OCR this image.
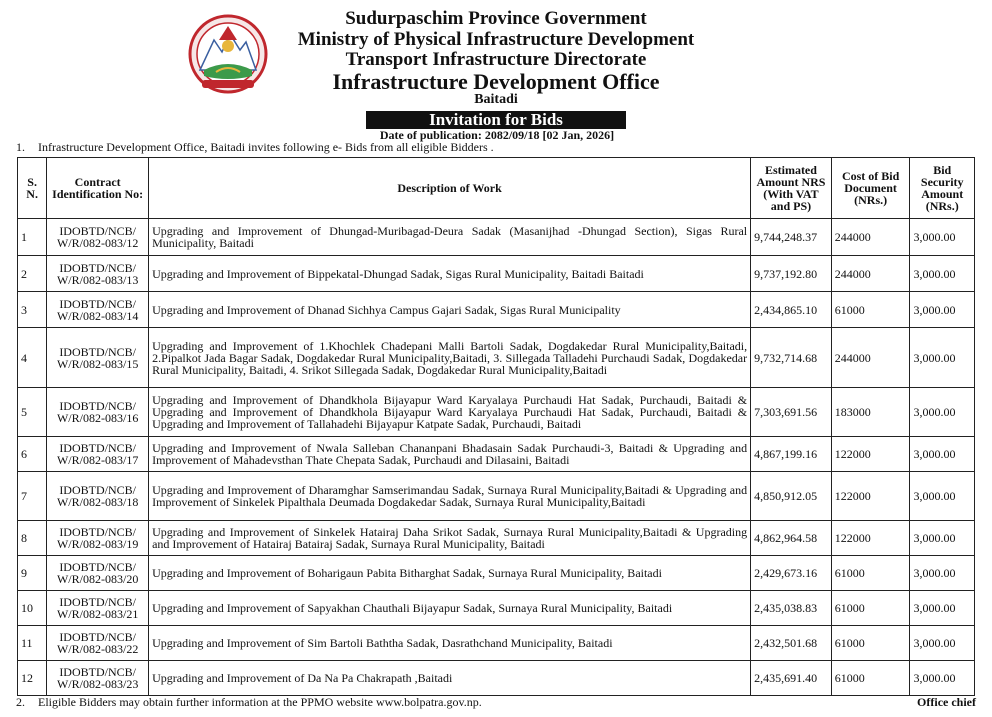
Sudurpaschim Province Government
Ministry of Physical Infrastructure Development
Transport Infrastructure Directorate
Infrastructure Development Office
Baitadi
Invitation for Bids
Date of publication: 2082/09/18 [02 Jan, 2026]
1. Infrastructure Development Office, Baitadi invites following e- Bids from all eligible Bidders .
S. N.	Contract Identification No:	Description of Work	Estimated Amount NRS (With VAT and PS)	Cost of Bid Document (NRs.)	Bid Security Amount (NRs.)
1	IDOBTD/NCB/ W/R/082-083/12	Upgrading and Improvement of Dhungad-Muribagad-Deura Sadak (Masanijhad -Dhungad Section), Sigas Rural Municipality, Baitadi	9,744,248.37	244000	3,000.00
2	IDOBTD/NCB/ W/R/082-083/13	Upgrading and Improvement of Bippekatal-Dhungad Sadak, Sigas Rural Municipality, Baitadi Baitadi	9,737,192.80	244000	3,000.00
3	IDOBTD/NCB/ W/R/082-083/14	Upgrading and Improvement of Dhanad Sichhya Campus Gajari Sadak, Sigas Rural Municipality	2,434,865.10	61000	3,000.00
4	IDOBTD/NCB/ W/R/082-083/15	Upgrading and Improvement of 1.Khochlek Chadepani Malli Bartoli Sadak, Dogdakedar Rural Municipality,Baitadi, 2.Pipalkot Jada Bagar Sadak, Dogdakedar Rural Municipality,Baitadi, 3. Sillegada Talladehi Purchaudi Sadak, Dogdakedar Rural Municipality, Baitadi, 4. Srikot Sillegada Sadak, Dogdakedar Rural Municipality,Baitadi	9,732,714.68	244000	3,000.00
5	IDOBTD/NCB/ W/R/082-083/16	Upgrading and Improvement of Dhandkhola Bijayapur Ward Karyalaya Purchaudi Hat Sadak, Purchaudi, Baitadi & Upgrading and Improvement of Dhandkhola Bijayapur Ward Karyalaya Purchaudi Hat Sadak, Purchaudi, Baitadi & Upgrading and Improvement of Tallahadehi Bijayapur Katpate Sadak, Purchaudi, Baitadi	7,303,691.56	183000	3,000.00
6	IDOBTD/NCB/ W/R/082-083/17	Upgrading and Improvement of Nwala Salleban Chananpani Bhadasain Sadak Purchaudi-3, Baitadi & Upgrading and Improvement of Mahadevsthan Thate Chepata Sadak, Purchaudi and Dilasaini, Baitadi	4,867,199.16	122000	3,000.00
7	IDOBTD/NCB/ W/R/082-083/18	Upgrading and Improvement of Dharamghar Samserimandau Sadak, Surnaya Rural Municipality,Baitadi & Upgrading and Improvement of Sinkelek Pipalthala Deumada Dogdakedar Sadak, Surnaya Rural Municipality,Baitadi	4,850,912.05	122000	3,000.00
8	IDOBTD/NCB/ W/R/082-083/19	Upgrading and Improvement of Sinkelek Hatairaj Daha Srikot Sadak, Surnaya Rural Municipality,Baitadi & Upgrading and Improvement of Hatairaj Batairaj Sadak, Surnaya Rural Municipality, Baitadi	4,862,964.58	122000	3,000.00
9	IDOBTD/NCB/ W/R/082-083/20	Upgrading and Improvement of Boharigaun Pabita Bitharghat Sadak, Surnaya Rural Municipality, Baitadi	2,429,673.16	61000	3,000.00
10	IDOBTD/NCB/ W/R/082-083/21	Upgrading and Improvement of Sapyakhan Chauthali Bijayapur Sadak, Surnaya Rural Municipality, Baitadi	2,435,038.83	61000	3,000.00
11	IDOBTD/NCB/ W/R/082-083/22	Upgrading and Improvement of Sim Bartoli Baththa Sadak, Dasrathchand Municipality, Baitadi	2,432,501.68	61000	3,000.00
12	IDOBTD/NCB/ W/R/082-083/23	Upgrading and Improvement of Da Na Pa Chakrapath ,Baitadi	2,435,691.40	61000	3,000.00
2. Eligible Bidders may obtain further information at the PPMO website www.bolpatra.gov.np.	Office chief
